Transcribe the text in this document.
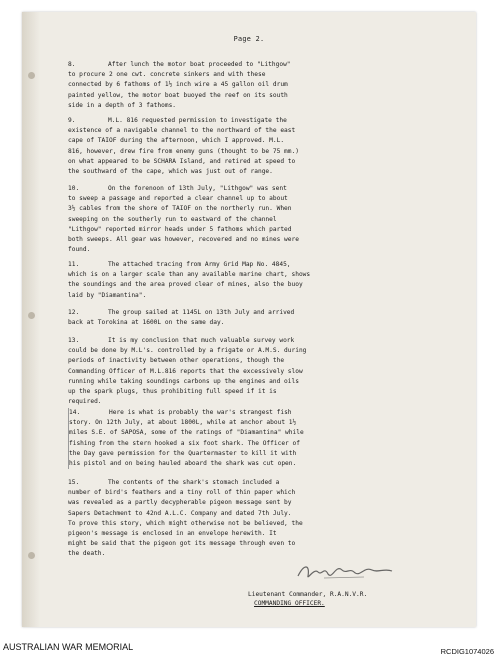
Page 2.
8.	After lunch the motor boat proceeded to "Lithgow"
to procure 2 one cwt. concrete sinkers and with these
connected by 6 fathoms of 1½ inch wire a 45 gallon oil drum
painted yellow, the motor boat buoyed the reef on its south
side in a depth of 3 fathoms.
9.	M.L. 816 requested permission to investigate the
existence of a navigable channel to the northward of the east
cape of TAIOF during the afternoon, which I approved. M.L.
816, however, drew fire from enemy guns (thought to be 75 mm.)
on what appeared to be SCHARA Island, and retired at speed to
the southward of the cape, which was just out of range.
10.	On the forenoon of 13th July, "Lithgow" was sent
to sweep a passage and reported a clear channel up to about
3½ cables from the shore of TAIOF on the northerly run. When
sweeping on the southerly run to eastward of the channel
"Lithgow" reported mirror heads under 5 fathoms which parted
both sweeps. All gear was however, recovered and no mines were
found.
11.	The attached tracing from Army Grid Map No. 4845,
which is on a larger scale than any available marine chart, shows
the soundings and the area proved clear of mines, also the buoy
laid by "Diamantina".
12.	The group sailed at 1145L on 13th July and arrived
back at Torokina at 1600L on the same day.
13.	It is my conclusion that much valuable survey work
could be done by M.L's. controlled by a frigate or A.M.S. during
periods of inactivity between other operations, though the
Commanding Officer of M.L.816 reports that the excessively slow
running while taking soundings carbons up the engines and oils
up the spark plugs, thus prohibiting full speed if it is
required.
14.	Here is what is probably the war's strangest fish
story. On 12th July, at about 1800L, while at anchor about 1½
miles S.E. of SAPOSA, some of the ratings of "Diamantina" while
fishing from the stern hooked a six foot shark. The Officer of
the Day gave permission for the Quartermaster to kill it with
his pistol and on being hauled aboard the shark was cut open.
15.	The contents of the shark's stomach included a
number of bird's feathers and a tiny roll of thin paper which
was revealed as a partly decypherable pigeon message sent by
Sapers Detachment to 42nd A.L.C. Company and dated 7th July.
To prove this story, which might otherwise not be believed, the
pigeon's message is enclosed in an envelope herewith. It
might be said that the pigeon got its message through even to
the death.
Lieutenant Commander, R.A.N.V.R.
COMMANDING OFFICER.
AUSTRALIAN WAR MEMORIAL	RCDIG1074026
